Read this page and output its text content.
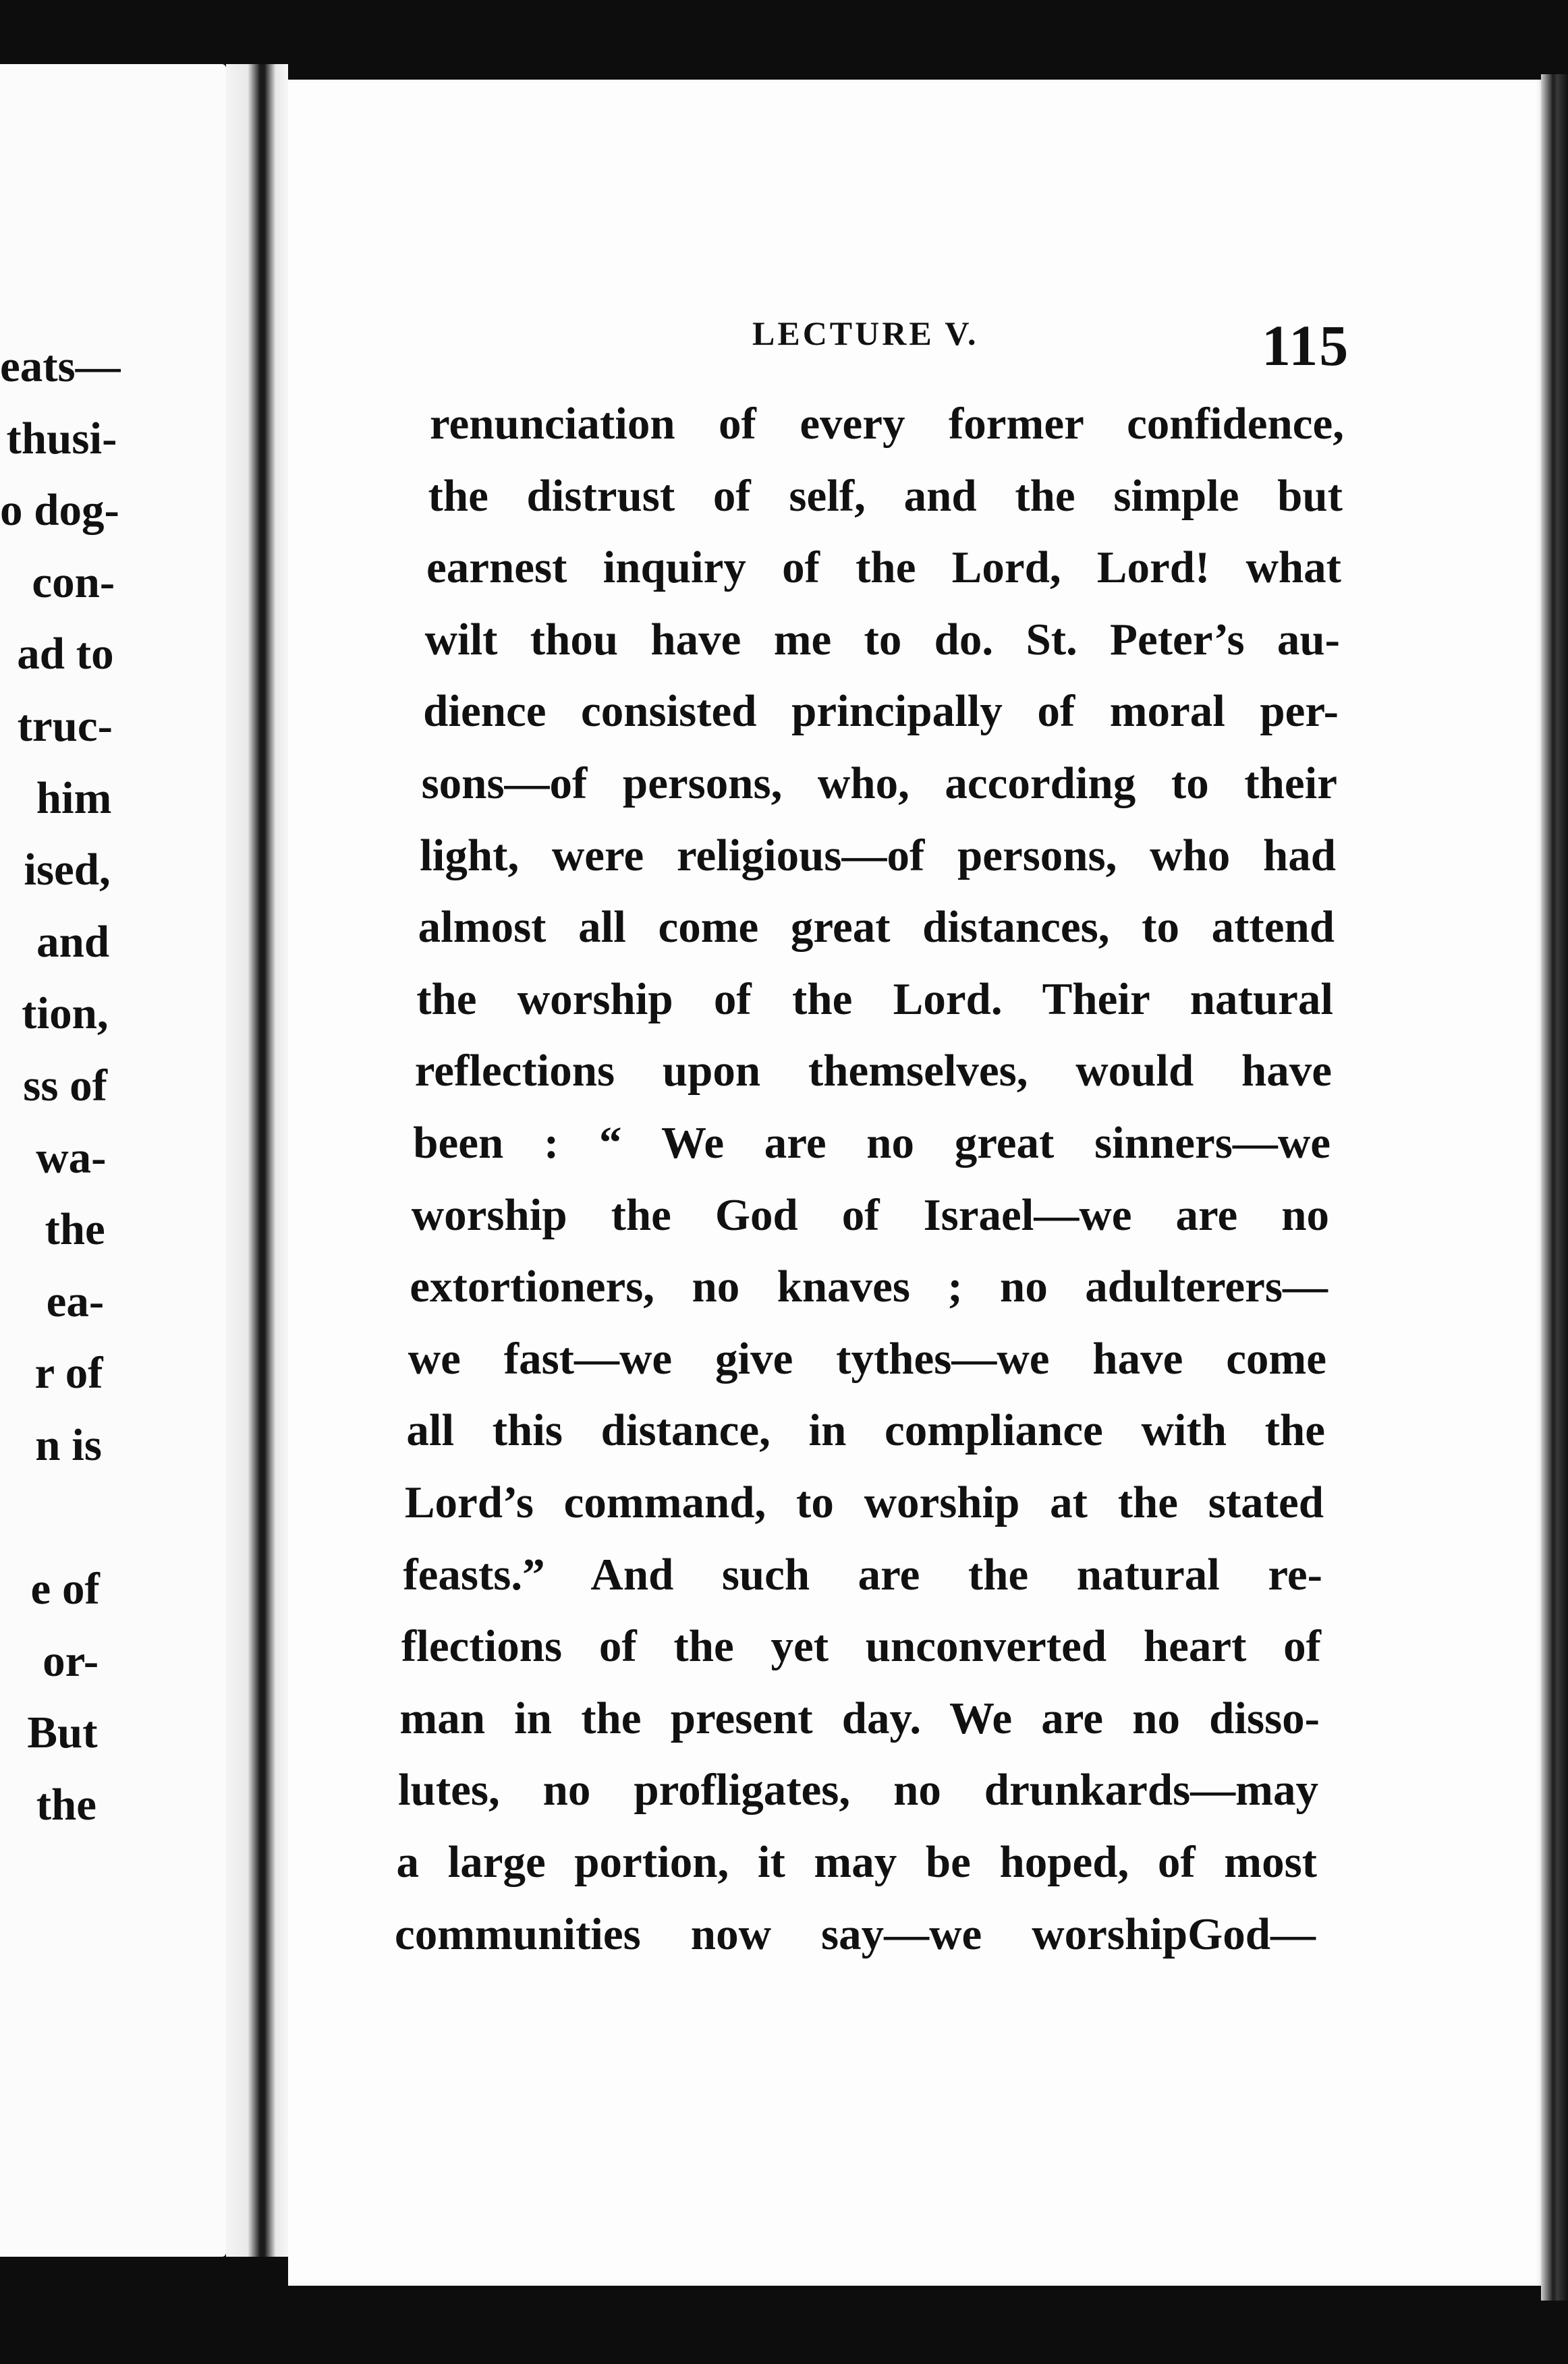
eats—
thusi-
o dog-
con-
ad to
truc-
him
ised,
and
tion,
ss of
wa-
the
ea-
r of
n is
e of
or-
But
the
LECTURE V.	115
renunciation of every former confidence,
the distrust of self, and the simple but
earnest inquiry of the Lord, Lord! what
wilt thou have me to do. St. Peter’s au-
dience consisted principally of moral per-
sons—of persons, who, according to their
light, were religious—of persons, who had
almost all come great distances, to attend
the worship of the Lord. Their natural
reflections upon themselves, would have
been : “ We are no great sinners—we
worship the God of Israel—we are no
extortioners, no knaves ; no adulterers—
we fast—we give tythes—we have come
all this distance, in compliance with the
Lord’s command, to worship at the stated
feasts.” And such are the natural re-
flections of the yet unconverted heart of
man in the present day. We are no disso-
lutes, no profligates, no drunkards—may
a large portion, it may be hoped, of most
communities now say—we worshipGod—
